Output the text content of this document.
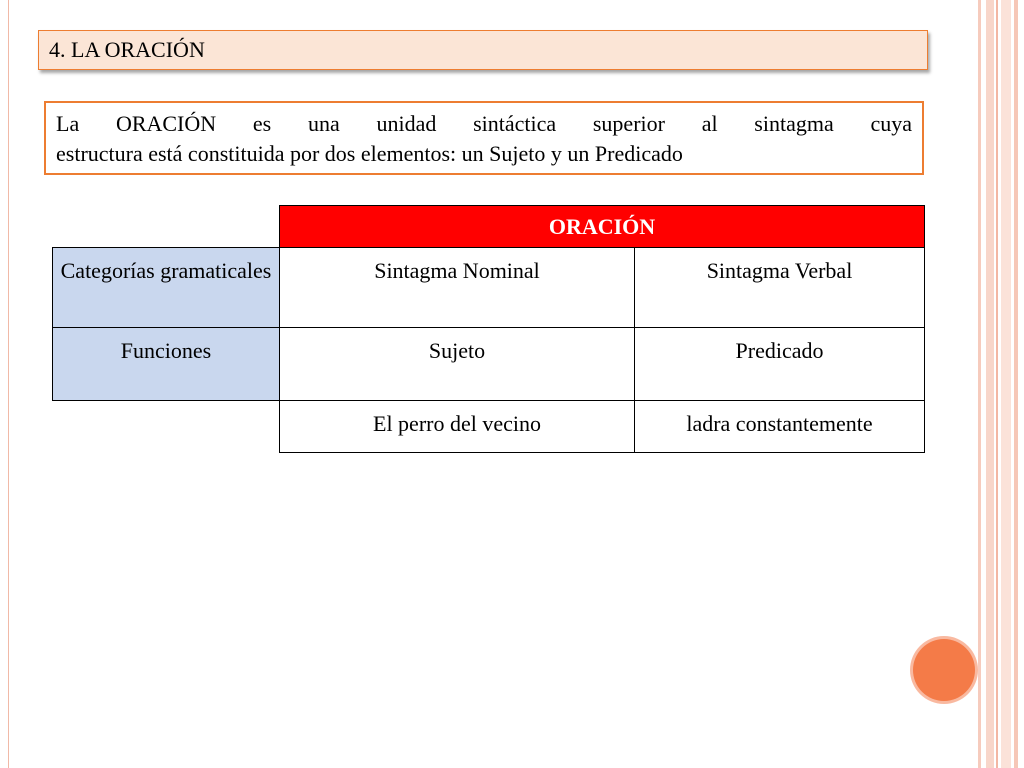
4. LA ORACIÓN
La ORACIÓN es una unidad sintáctica superior al sintagma cuya
estructura está constituida por dos elementos: un Sujeto y un Predicado
	ORACIÓN	
Categorías gramaticales	Sintagma Nominal	Sintagma Verbal
Funciones	Sujeto	Predicado
	El perro del vecino	ladra constantemente
